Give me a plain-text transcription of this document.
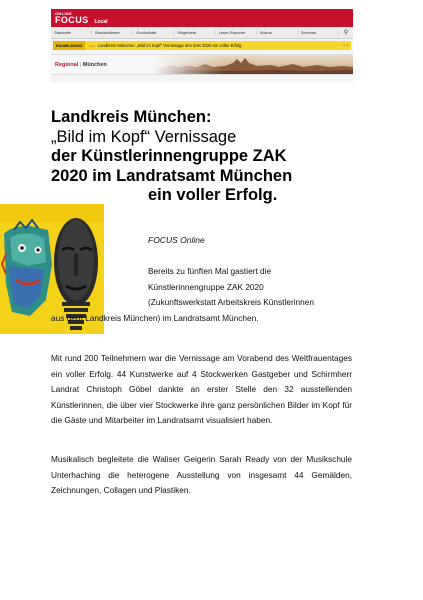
ONLINE
FOCUS Local
Startseite	Bundesländer	Großstädte	Skigebiete	Leser-Reporter	Videos	Services	⚲
EILMELDUNG	• • • Landkreis München: „Bild im Kopf“ Vernissage des ZAK 2020 ein voller Erfolg	‹ ›
Regional | München
Landkreis München:
„Bild im Kopf“ Vernissage
der Künstlerinnengruppe ZAK
2020 im Landratsamt München
ein voller Erfolg.

FOCUS Online

Bereits zu fünften Mal gastiert die
Künstlerinnengruppe ZAK 2020
(Zukunftswerkstatt Arbeitskreis Künstlerinnen
aus dem Landkreis München) im Landratsamt München.

Mit rund 200 Teilnehmern war die Vernissage am Vorabend des Weltfrauentages ein voller Erfolg. 44 Kunstwerke auf 4 Stockwerken Gastgeber und Schirmherr Landrat Christoph Göbel dankte an erster Stelle den 32 ausstellenden Künstlerinnen, die über vier Stockwerke ihre ganz persönlichen Bilder im Kopf für die Gäste und Mitarbeiter im Landratsamt visualisiert haben.

Musikalisch begleitete die Waliser Geigerin Sarah Ready von der Musikschule Unterhaching die heterogene Ausstellung von insgesamt 44 Gemälden, Zeichnungen, Collagen und Plastiken.
